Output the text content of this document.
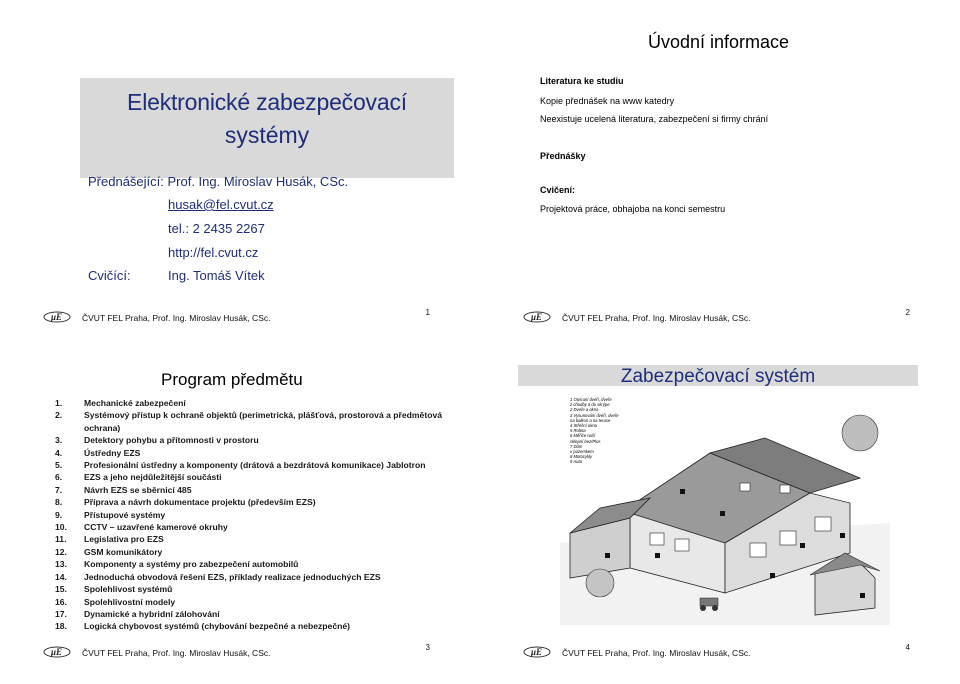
Elektronické zabezpečovací
systémy
Přednášející: Prof. Ing. Miroslav Husák, CSc.
husak@fel.cvut.cz
tel.: 2 2435 2267
http://fel.cvut.cz
Cvičící:	Ing. Tomáš Vítek
μE ČVUT FEL Praha, Prof. Ing. Miroslav Husák, CSc.
1
Úvodní informace
Literatura ke studiu
Kopie přednášek na www katedry
Neexistuje ucelená literatura, zabezpečení si firmy chrání
Přednášky
Cvičení:
Projektová práce, obhajoba na konci semestru
μE ČVUT FEL Praha, Prof. Ing. Miroslav Husák, CSc.
2
Program předmětu
1.	Mechanické zabezpečení
2.	Systémový přístup k ochraně objektů (perimetrická, plášťová, prostorová a předmětová ochrana)
3.	Detektory pohybu a přítomnosti v prostoru
4.	Ústředny EZS
5.	Profesionální ústředny a komponenty (drátová a bezdrátová komunikace) Jablotron
6.	EZS a jeho nejdůležitější součásti
7.	Návrh EZS se sběrnicí 485
8.	Příprava a návrh dokumentace projektu (především EZS)
9.	Přístupové systémy
10.	CCTV – uzavřené kamerové okruhy
11.	Legislativa pro EZS
12.	GSM komunikátory
13.	Komponenty a systémy pro zabezpečení automobilů
14.	Jednoduchá obvodová řešení EZS, příklady realizace jednoduchých EZS
15.	Spolehlivost systémů
16.	Spolehlivostní modely
17.	Dynamické a hybridní zálohování
18.	Logická chybovost systémů (chybování bezpečné a nebezpečné)
μE ČVUT FEL Praha, Prof. Ing. Miroslav Husák, CSc.
3
Zabezpečovací systém
1 Otvíraní dveří, dveře
z chodby a do skrýpe
2 Dveře a okna
3 Vysunování dveří, dveře
na balkon a na terase
4 Střešní okno
5 Roleta
6 Měřiče naší
sklepní bez/Plos
7 Dům
v pozemkem
8 Motocykly
9 Auta
μE ČVUT FEL Praha, Prof. Ing. Miroslav Husák, CSc.
4
